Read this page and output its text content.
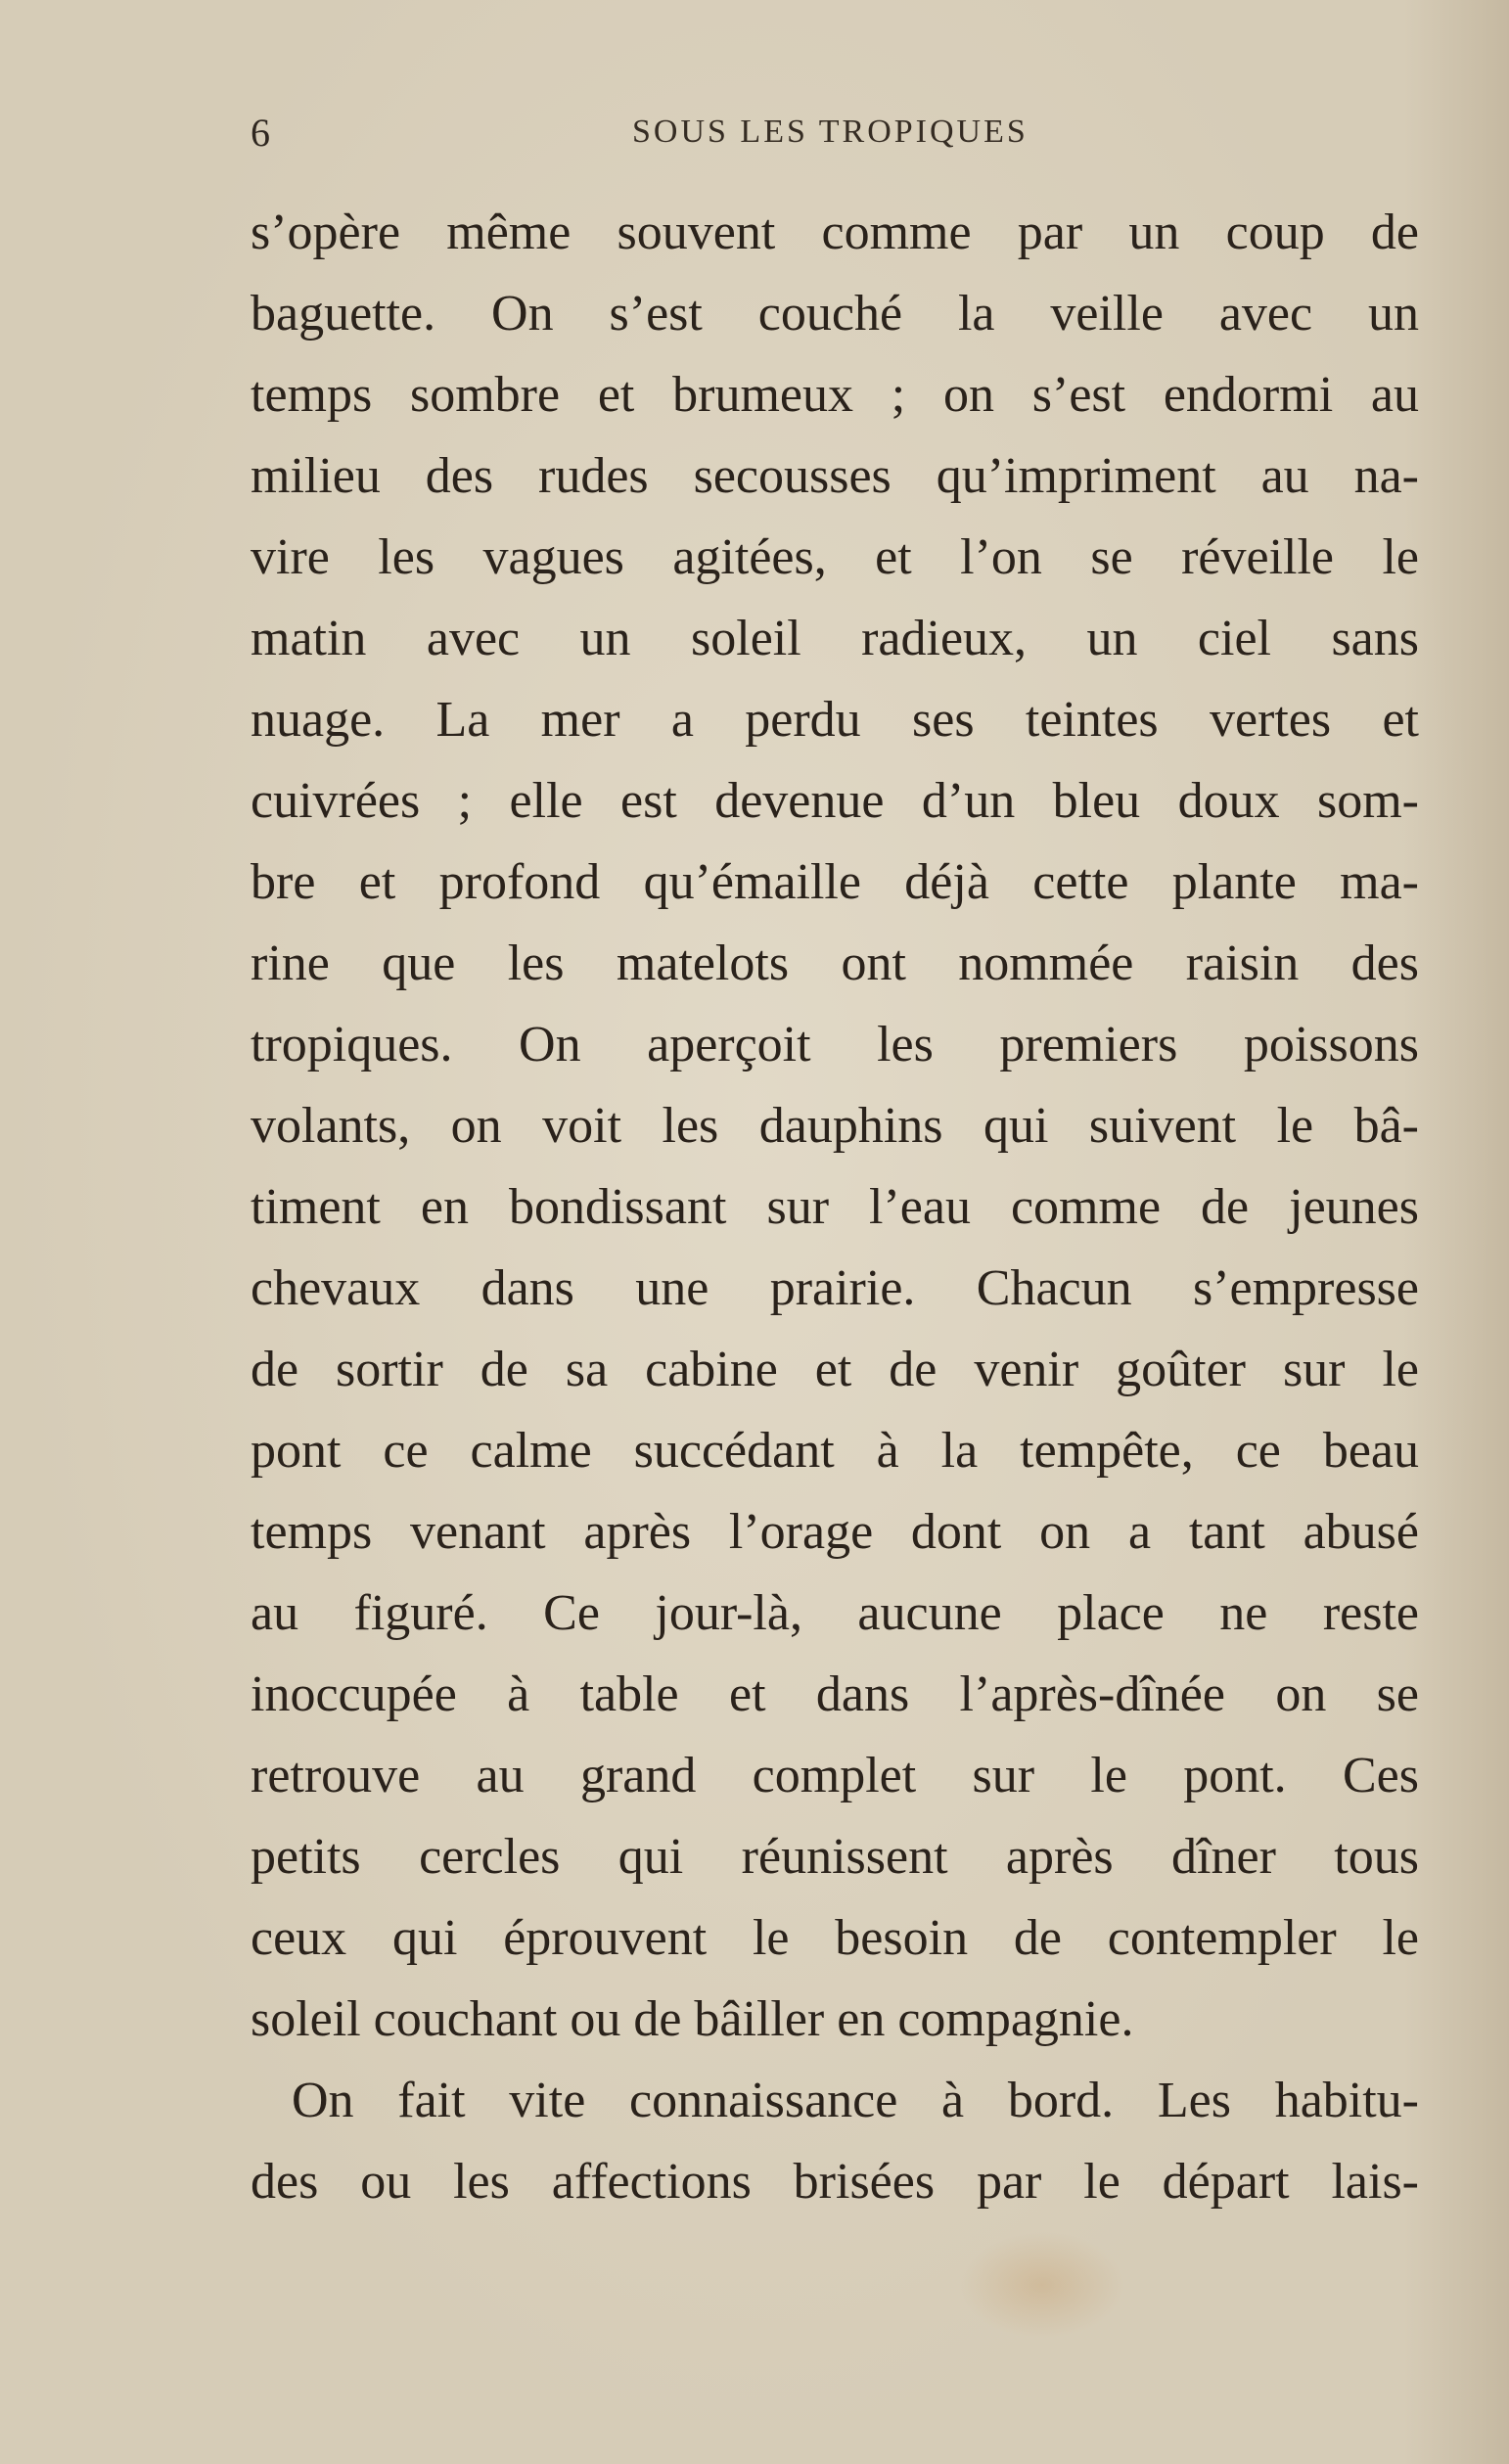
6	SOUS LES TROPIQUES
s’opère même souvent comme par un coup de
baguette. On s’est couché la veille avec un
temps sombre et brumeux ; on s’est endormi au
milieu des rudes secousses qu’impriment au na-
vire les vagues agitées, et l’on se réveille le
matin avec un soleil radieux, un ciel sans
nuage. La mer a perdu ses teintes vertes et
cuivrées ; elle est devenue d’un bleu doux som-
bre et profond qu’émaille déjà cette plante ma-
rine que les matelots ont nommée raisin des
tropiques. On aperçoit les premiers poissons
volants, on voit les dauphins qui suivent le bâ-
timent en bondissant sur l’eau comme de jeunes
chevaux dans une prairie. Chacun s’empresse
de sortir de sa cabine et de venir goûter sur le
pont ce calme succédant à la tempête, ce beau
temps venant après l’orage dont on a tant abusé
au figuré. Ce jour-là, aucune place ne reste
inoccupée à table et dans l’après-dînée on se
retrouve au grand complet sur le pont. Ces
petits cercles qui réunissent après dîner tous
ceux qui éprouvent le besoin de contempler le
soleil couchant ou de bâiller en compagnie.
On fait vite connaissance à bord. Les habitu-
des ou les affections brisées par le départ lais-
